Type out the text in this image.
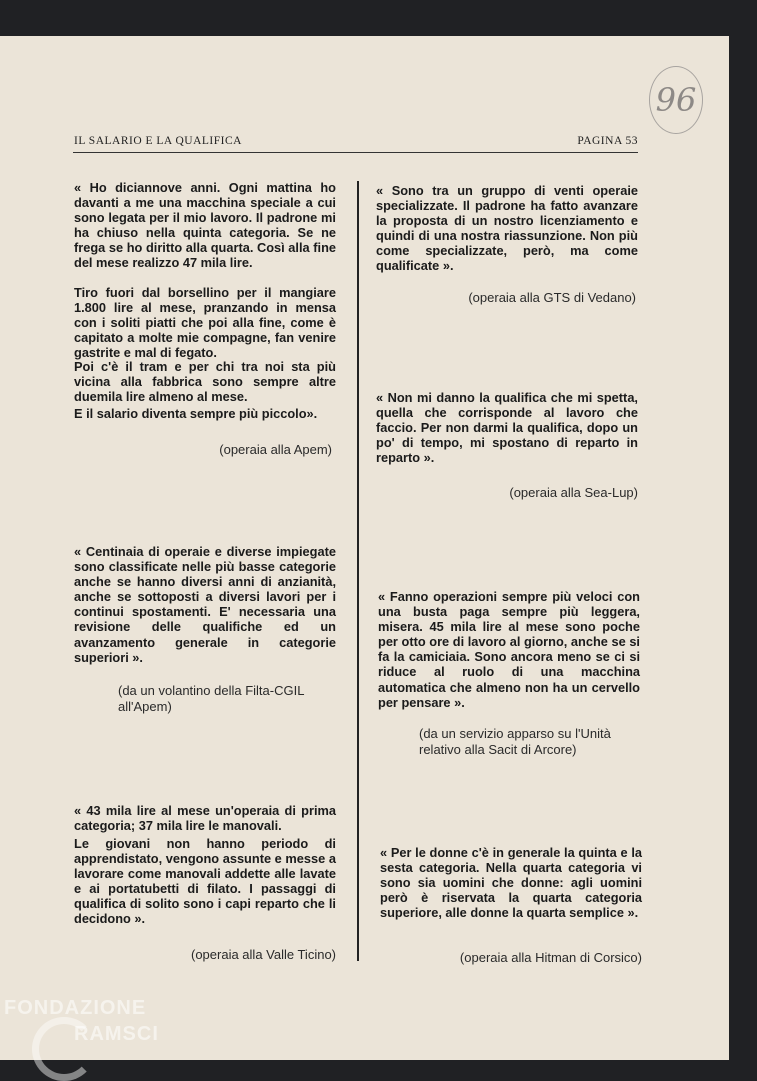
IL SALARIO E LA QUALIFICA	PAGINA 53
96

« Ho diciannove anni. Ogni mattina ho davanti a me una macchina speciale a cui sono legata per il mio lavoro. Il padrone mi ha chiuso nella quinta categoria. Se ne frega se ho diritto alla quarta. Così alla fine del mese realizzo 47 mila lire.

Tiro fuori dal borsellino per il mangiare 1.800 lire al mese, pranzando in mensa con i soliti piatti che poi alla fine, come è capitato a molte mie compagne, fan venire gastrite e mal di fegato.

Poi c'è il tram e per chi tra noi sta più vicina alla fabbrica sono sempre altre duemila lire almeno al mese.

E il salario diventa sempre più piccolo».

(operaia alla Apem)

« Centinaia di operaie e diverse impiegate sono classificate nelle più basse categorie anche se hanno diversi anni di anzianità, anche se sottoposti a diversi lavori per i continui spostamenti. E' necessaria una revisione delle qualifiche ed un avanzamento generale in categorie superiori ».

(da un volantino della Filta-CGIL all'Apem)

« 43 mila lire al mese un'operaia di prima categoria; 37 mila lire le manovali.

Le giovani non hanno periodo di apprendistato, vengono assunte e messe a lavorare come manovali addette alle lavate e ai portatubetti di filato. I passaggi di qualifica di solito sono i capi reparto che li decidono ».

(operaia alla Valle Ticino)

« Sono tra un gruppo di venti operaie specializzate. Il padrone ha fatto avanzare la proposta di un nostro licenziamento e quindi di una nostra riassunzione. Non più come specializzate, però, ma come qualificate ».

(operaia alla GTS di Vedano)

« Non mi danno la qualifica che mi spetta, quella che corrisponde al lavoro che faccio. Per non darmi la qualifica, dopo un po' di tempo, mi spostano di reparto in reparto ».

(operaia alla Sea-Lup)

« Fanno operazioni sempre più veloci con una busta paga sempre più leggera, misera. 45 mila lire al mese sono poche per otto ore di lavoro al giorno, anche se si fa la camiciaia. Sono ancora meno se ci si riduce al ruolo di una macchina automatica che almeno non ha un cervello per pensare ».

(da un servizio apparso su l'Unità relativo alla Sacit di Arcore)

« Per le donne c'è in generale la quinta e la sesta categoria. Nella quarta categoria vi sono sia uomini che donne: agli uomini però è riservata la quarta categoria superiore, alle donne la quarta semplice ».

(operaia alla Hitman di Corsico)

FONDAZIONE
RAMSCI
